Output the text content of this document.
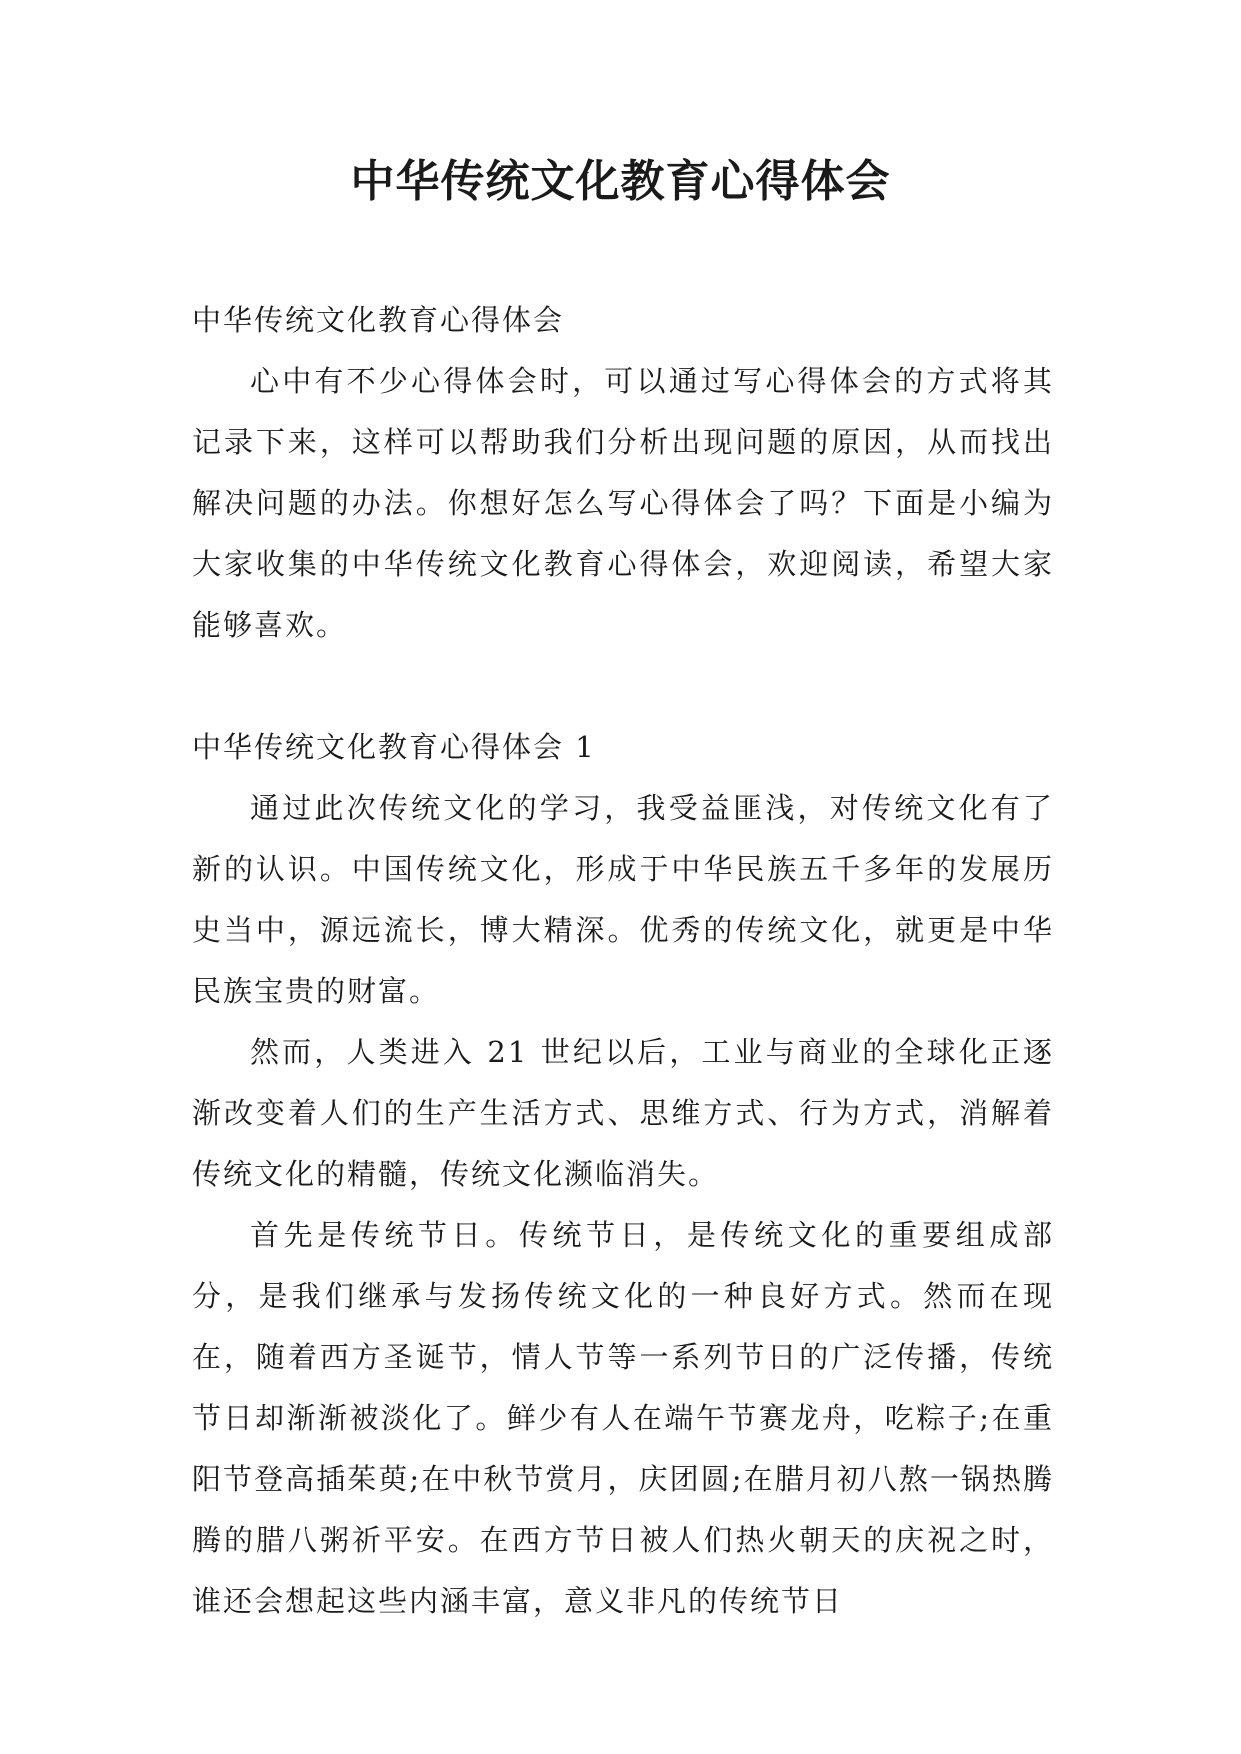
中华传统文化教育心得体会

中华传统文化教育心得体会

心中有不少心得体会时，可以通过写心得体会的方式将其记录下来，这样可以帮助我们分析出现问题的原因，从而找出解决问题的办法。你想好怎么写心得体会了吗？下面是小编为大家收集的中华传统文化教育心得体会，欢迎阅读，希望大家能够喜欢。

中华传统文化教育心得体会 1

通过此次传统文化的学习，我受益匪浅，对传统文化有了新的认识。中国传统文化，形成于中华民族五千多年的发展历史当中，源远流长，博大精深。优秀的传统文化，就更是中华民族宝贵的财富。

然而，人类进入 21 世纪以后，工业与商业的全球化正逐渐改变着人们的生产生活方式、思维方式、行为方式，消解着传统文化的精髓，传统文化濒临消失。

首先是传统节日。传统节日，是传统文化的重要组成部分，是我们继承与发扬传统文化的一种良好方式。然而在现在，随着西方圣诞节，情人节等一系列节日的广泛传播，传统节日却渐渐被淡化了。鲜少有人在端午节赛龙舟，吃粽子;在重阳节登高插茱萸;在中秋节赏月，庆团圆;在腊月初八熬一锅热腾腾的腊八粥祈平安。在西方节日被人们热火朝天的庆祝之时，谁还会想起这些内涵丰富，意义非凡的传统节日
